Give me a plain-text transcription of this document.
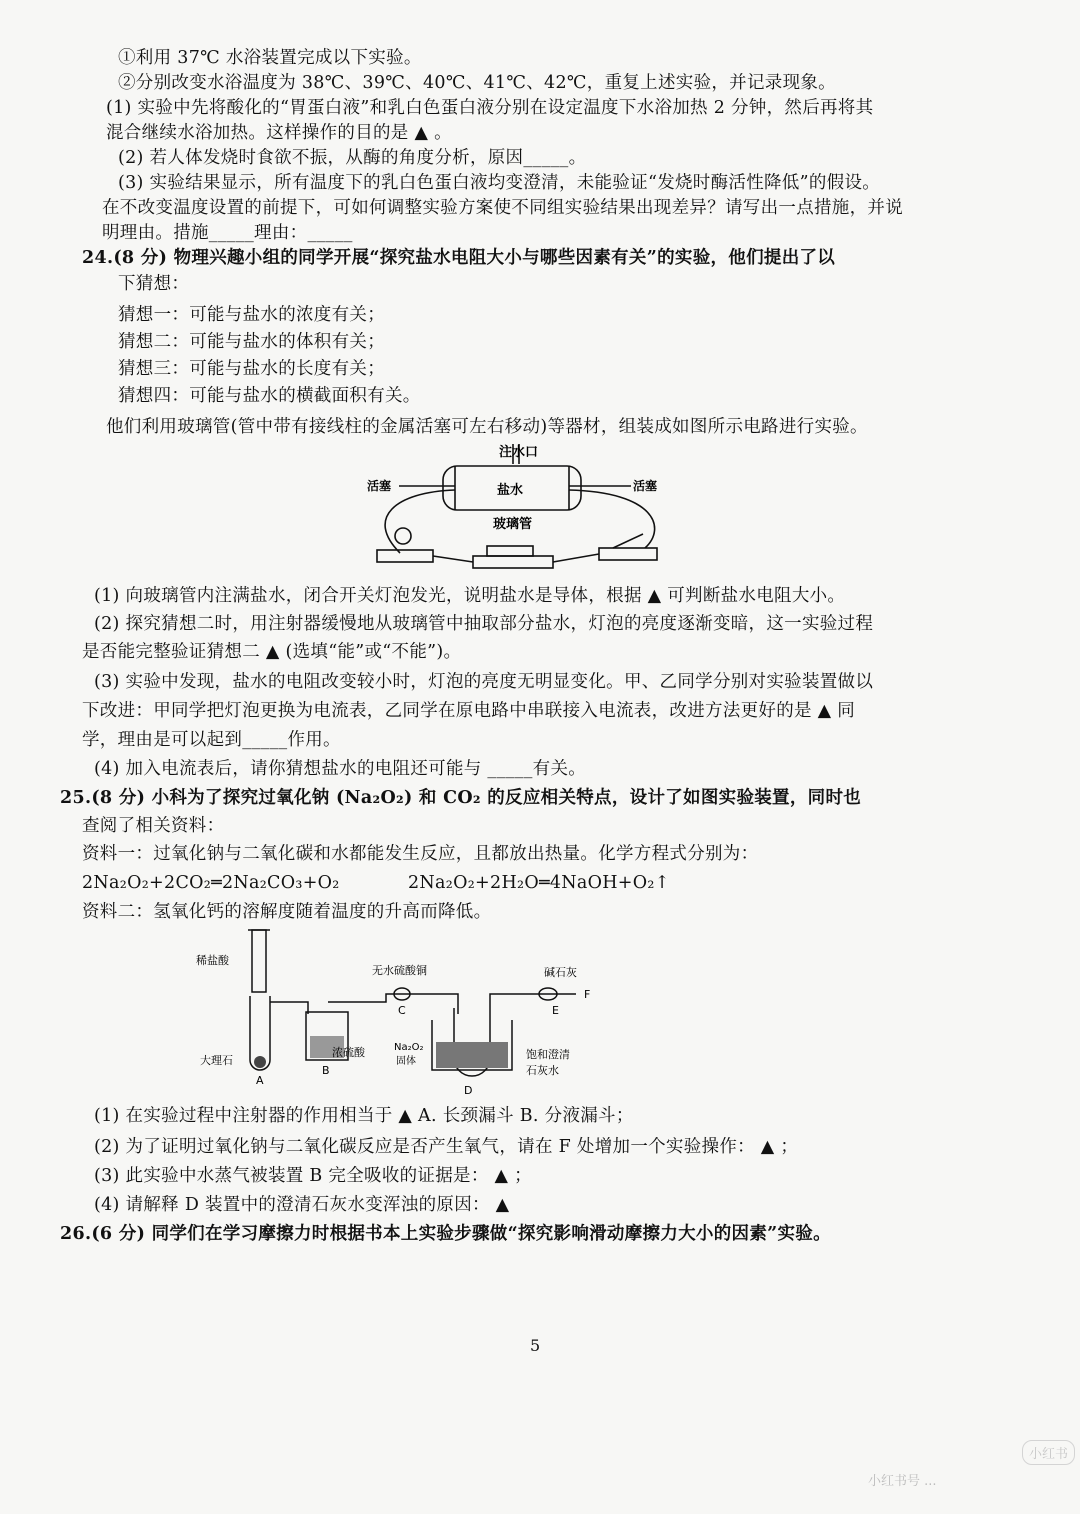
①利用 37℃ 水浴装置完成以下实验。
②分别改变水浴温度为 38℃、39℃、40℃、41℃、42℃，重复上述实验，并记录现象。
(1) 实验中先将酸化的“胃蛋白液”和乳白色蛋白液分别在设定温度下水浴加热 2 分钟，然后再将其
混合继续水浴加热。这样操作的目的是 ▲ 。
(2) 若人体发烧时食欲不振，从酶的角度分析，原因_____。
(3) 实验结果显示，所有温度下的乳白色蛋白液均变澄清，未能验证“发烧时酶活性降低”的假设。
在不改变温度设置的前提下，可如何调整实验方案使不同组实验结果出现差异？请写出一点措施，并说
明理由。措施_____理由：_____
24.(8 分) 物理兴趣小组的同学开展“探究盐水电阻大小与哪些因素有关”的实验，他们提出了以
下猜想：
猜想一：可能与盐水的浓度有关；
猜想二：可能与盐水的体积有关；
猜想三：可能与盐水的长度有关；
猜想四：可能与盐水的横截面积有关。
他们利用玻璃管(管中带有接线柱的金属活塞可左右移动)等器材，组装成如图所示电路进行实验。
注水口
活塞	活塞
盐水
玻璃管
(1) 向玻璃管内注满盐水，闭合开关灯泡发光，说明盐水是导体，根据 ▲ 可判断盐水电阻大小。
(2) 探究猜想二时，用注射器缓慢地从玻璃管中抽取部分盐水，灯泡的亮度逐渐变暗，这一实验过程
是否能完整验证猜想二 ▲ (选填“能”或“不能”)。
(3) 实验中发现，盐水的电阻改变较小时，灯泡的亮度无明显变化。甲、乙同学分别对实验装置做以
下改进：甲同学把灯泡更换为电流表，乙同学在原电路中串联接入电流表，改进方法更好的是 ▲ 同
学，理由是可以起到_____作用。
(4) 加入电流表后，请你猜想盐水的电阻还可能与 _____有关。
25.(8 分) 小科为了探究过氧化钠 (Na₂O₂) 和 CO₂ 的反应相关特点，设计了如图实验装置，同时也
查阅了相关资料：
资料一：过氧化钠与二氧化碳和水都能发生反应，且都放出热量。化学方程式分别为：
2Na₂O₂+2CO₂═2Na₂CO₃+O₂	2Na₂O₂+2H₂O═4NaOH+O₂↑
资料二：氢氧化钙的溶解度随着温度的升高而降低。
稀盐酸
无水硫酸铜	碱石灰
大理石
浓硫酸	Na₂O₂
固体
饱和澄清
石灰水
A
B
C
D
E
F
(1) 在实验过程中注射器的作用相当于 ▲ A. 长颈漏斗 B. 分液漏斗；
(2) 为了证明过氧化钠与二氧化碳反应是否产生氧气，请在 F 处增加一个实验操作： ▲ ；
(3) 此实验中水蒸气被装置 B 完全吸收的证据是： ▲ ；
(4) 请解释 D 装置中的澄清石灰水变浑浊的原因： ▲
26.(6 分) 同学们在学习摩擦力时根据书本上实验步骤做“探究影响滑动摩擦力大小的因素”实验。
5
小红书
小红书号 ...
